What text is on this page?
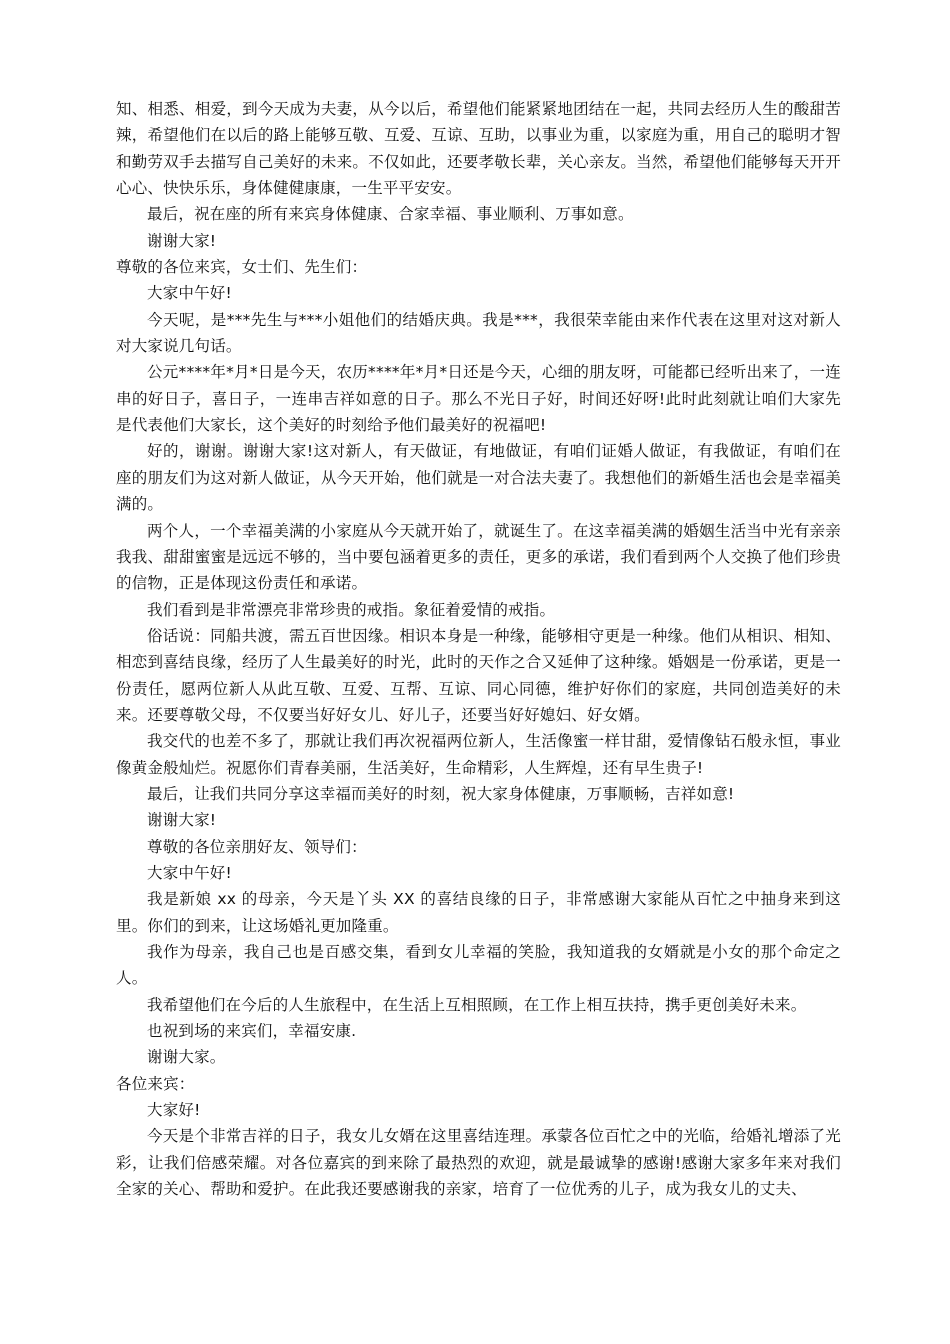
知、相悉、相爱，到今天成为夫妻，从今以后，希望他们能紧紧地团结在一起，共同去经历人生的酸甜苦辣，希望他们在以后的路上能够互敬、互爱、互谅、互助，以事业为重，以家庭为重，用自己的聪明才智和勤劳双手去描写自己美好的未来。不仅如此，还要孝敬长辈，关心亲友。当然，希望他们能够每天开开心心、快快乐乐，身体健健康康，一生平平安安。

最后，祝在座的所有来宾身体健康、合家幸福、事业顺利、万事如意。

谢谢大家!

尊敬的各位来宾，女士们、先生们：

大家中午好!

今天呢，是***先生与***小姐他们的结婚庆典。我是***，我很荣幸能由来作代表在这里对这对新人对大家说几句话。

公元****年*月*日是今天，农历****年*月*日还是今天，心细的朋友呀，可能都已经听出来了，一连串的好日子，喜日子，一连串吉祥如意的日子。那么不光日子好，时间还好呀!此时此刻就让咱们大家先是代表他们大家长，这个美好的时刻给予他们最美好的祝福吧!

好的，谢谢。谢谢大家!这对新人，有天做证，有地做证，有咱们证婚人做证，有我做证，有咱们在座的朋友们为这对新人做证，从今天开始，他们就是一对合法夫妻了。我想他们的新婚生活也会是幸福美满的。

两个人，一个幸福美满的小家庭从今天就开始了，就诞生了。在这幸福美满的婚姻生活当中光有亲亲我我、甜甜蜜蜜是远远不够的，当中要包涵着更多的责任，更多的承诺，我们看到两个人交换了他们珍贵的信物，正是体现这份责任和承诺。

我们看到是非常漂亮非常珍贵的戒指。象征着爱情的戒指。

俗话说：同船共渡，需五百世因缘。相识本身是一种缘，能够相守更是一种缘。他们从相识、相知、相恋到喜结良缘，经历了人生最美好的时光，此时的天作之合又延伸了这种缘。婚姻是一份承诺，更是一份责任，愿两位新人从此互敬、互爱、互帮、互谅、同心同德，维护好你们的家庭，共同创造美好的未来。还要尊敬父母，不仅要当好好女儿、好儿子，还要当好好媳妇、好女婿。

我交代的也差不多了，那就让我们再次祝福两位新人，生活像蜜一样甘甜，爱情像钻石般永恒，事业像黄金般灿烂。祝愿你们青春美丽，生活美好，生命精彩，人生辉煌，还有早生贵子!

最后，让我们共同分享这幸福而美好的时刻，祝大家身体健康，万事顺畅，吉祥如意!

谢谢大家!

尊敬的各位亲朋好友、领导们：

大家中午好!

我是新娘 xx 的母亲，今天是丫头 XX 的喜结良缘的日子，非常感谢大家能从百忙之中抽身来到这里。你们的到来，让这场婚礼更加隆重。

我作为母亲，我自己也是百感交集，看到女儿幸福的笑脸，我知道我的女婿就是小女的那个命定之人。

我希望他们在今后的人生旅程中，在生活上互相照顾，在工作上相互扶持，携手更创美好未来。

也祝到场的来宾们，幸福安康.

谢谢大家。

各位来宾：

大家好!

今天是个非常吉祥的日子，我女儿女婿在这里喜结连理。承蒙各位百忙之中的光临，给婚礼增添了光彩，让我们倍感荣耀。对各位嘉宾的到来除了最热烈的欢迎，就是最诚挚的感谢!感谢大家多年来对我们全家的关心、帮助和爱护。在此我还要感谢我的亲家，培育了一位优秀的儿子，成为我女儿的丈夫、
